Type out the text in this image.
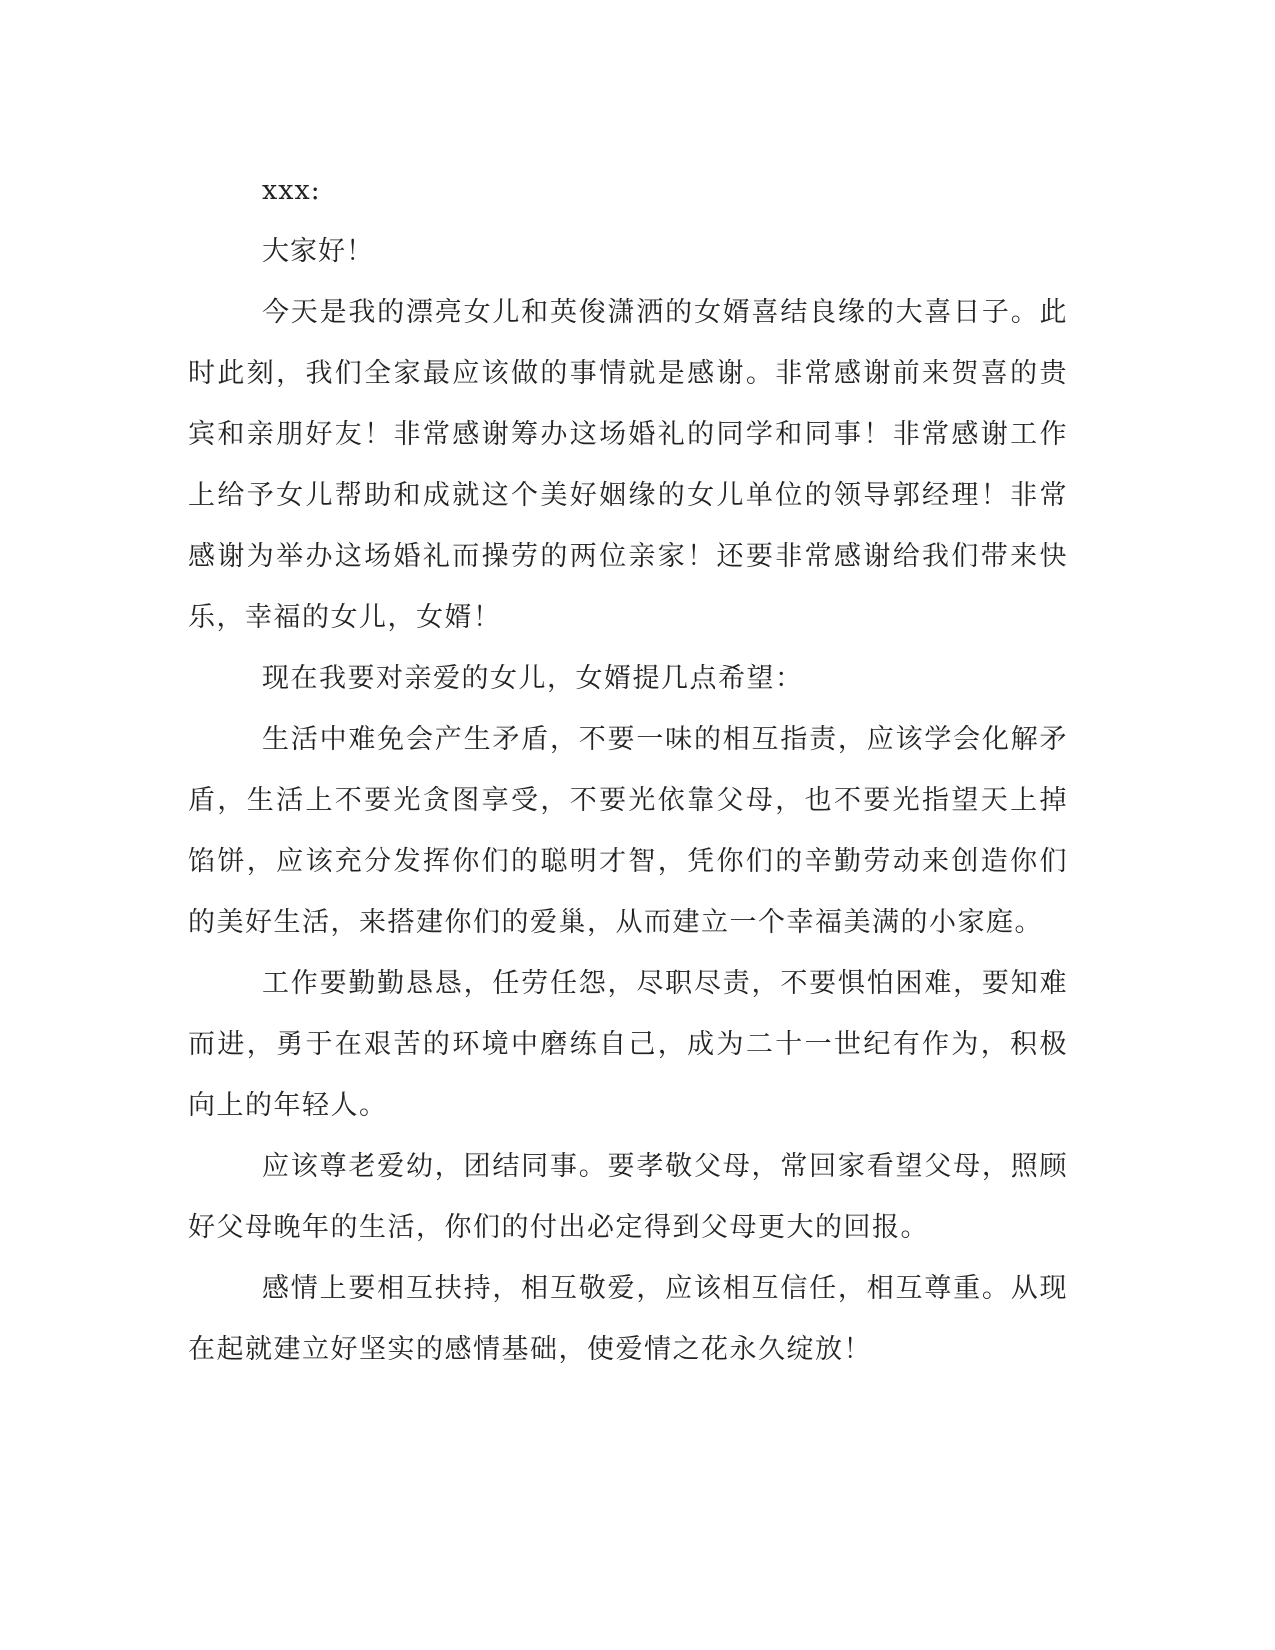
xxx:

大家好！

今天是我的漂亮女儿和英俊潇洒的女婿喜结良缘的大喜日子。此时此刻，我们全家最应该做的事情就是感谢。非常感谢前来贺喜的贵宾和亲朋好友！非常感谢筹办这场婚礼的同学和同事！非常感谢工作上给予女儿帮助和成就这个美好姻缘的女儿单位的领导郭经理！非常感谢为举办这场婚礼而操劳的两位亲家！还要非常感谢给我们带来快乐，幸福的女儿，女婿！

现在我要对亲爱的女儿，女婿提几点希望：

生活中难免会产生矛盾，不要一味的相互指责，应该学会化解矛盾，生活上不要光贪图享受，不要光依靠父母，也不要光指望天上掉馅饼，应该充分发挥你们的聪明才智，凭你们的辛勤劳动来创造你们的美好生活，来搭建你们的爱巢，从而建立一个幸福美满的小家庭。

工作要勤勤恳恳，任劳任怨，尽职尽责，不要惧怕困难，要知难而进，勇于在艰苦的环境中磨练自己，成为二十一世纪有作为，积极向上的年轻人。

应该尊老爱幼，团结同事。要孝敬父母，常回家看望父母，照顾好父母晚年的生活，你们的付出必定得到父母更大的回报。

感情上要相互扶持，相互敬爱，应该相互信任，相互尊重。从现在起就建立好坚实的感情基础，使爱情之花永久绽放！
